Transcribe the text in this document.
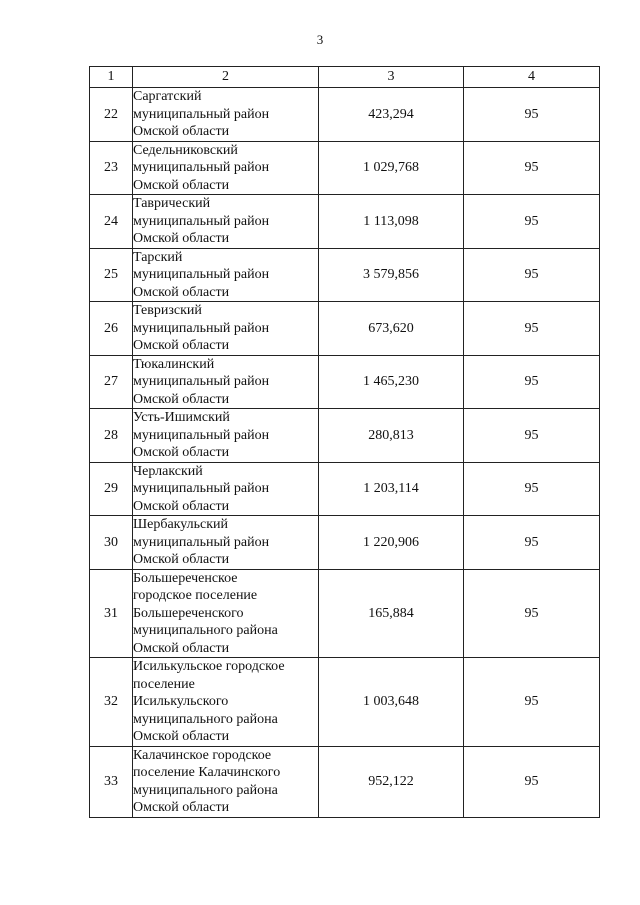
3
1	2	3	4
22	Саргатский
муниципальный район
Омской области	423,294	95
23	Седельниковский
муниципальный район
Омской области	1 029,768	95
24	Таврический
муниципальный район
Омской области	1 113,098	95
25	Тарский
муниципальный район
Омской области	3 579,856	95
26	Тевризский
муниципальный район
Омской области	673,620	95
27	Тюкалинский
муниципальный район
Омской области	1 465,230	95
28	Усть-Ишимский
муниципальный район
Омской области	280,813	95
29	Черлакский
муниципальный район
Омской области	1 203,114	95
30	Шербакульский
муниципальный район
Омской области	1 220,906	95
31	Большереченское
городское поселение
Большереченского
муниципального района
Омской области	165,884	95
32	Исилькульское городское
поселение
Исилькульского
муниципального района
Омской области	1 003,648	95
33	Калачинское городское
поселение Калачинского
муниципального района
Омской области	952,122	95
